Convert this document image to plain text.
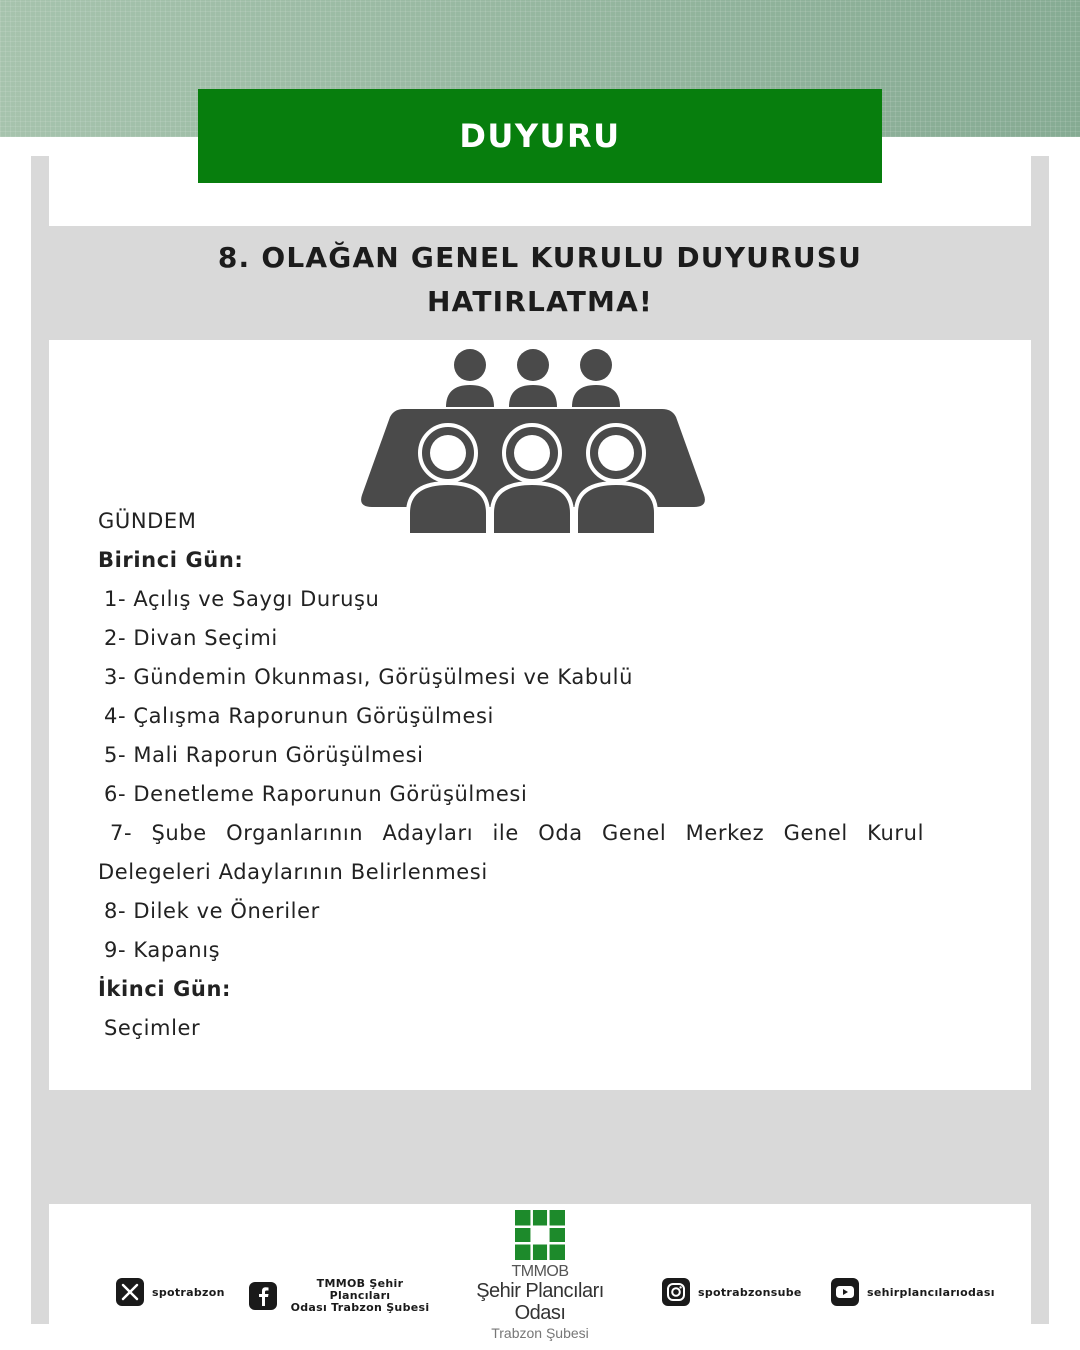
DUYURU
8. OLAĞAN GENEL KURULU DUYURUSU
HATIRLATMA!
GÜNDEM
Birinci Gün:
1- Açılış ve Saygı Duruşu
2- Divan Seçimi
3- Gündemin Okunması, Görüşülmesi ve Kabulü
4- Çalışma Raporunun Görüşülmesi
5- Mali Raporun Görüşülmesi
6- Denetleme Raporunun Görüşülmesi
7- Şube Organlarının Adayları ile Oda Genel Merkez Genel Kurul
Delegeleri Adaylarının Belirlenmesi
8- Dilek ve Öneriler
9- Kapanış
İkinci Gün:
Seçimler
spotrabzon
TMMOB Şehir Plancıları
Odası Trabzon Şubesi
TMMOB
Şehir Plancıları Odası
Trabzon Şubesi
spotrabzonsube	sehirplancılarıodası
